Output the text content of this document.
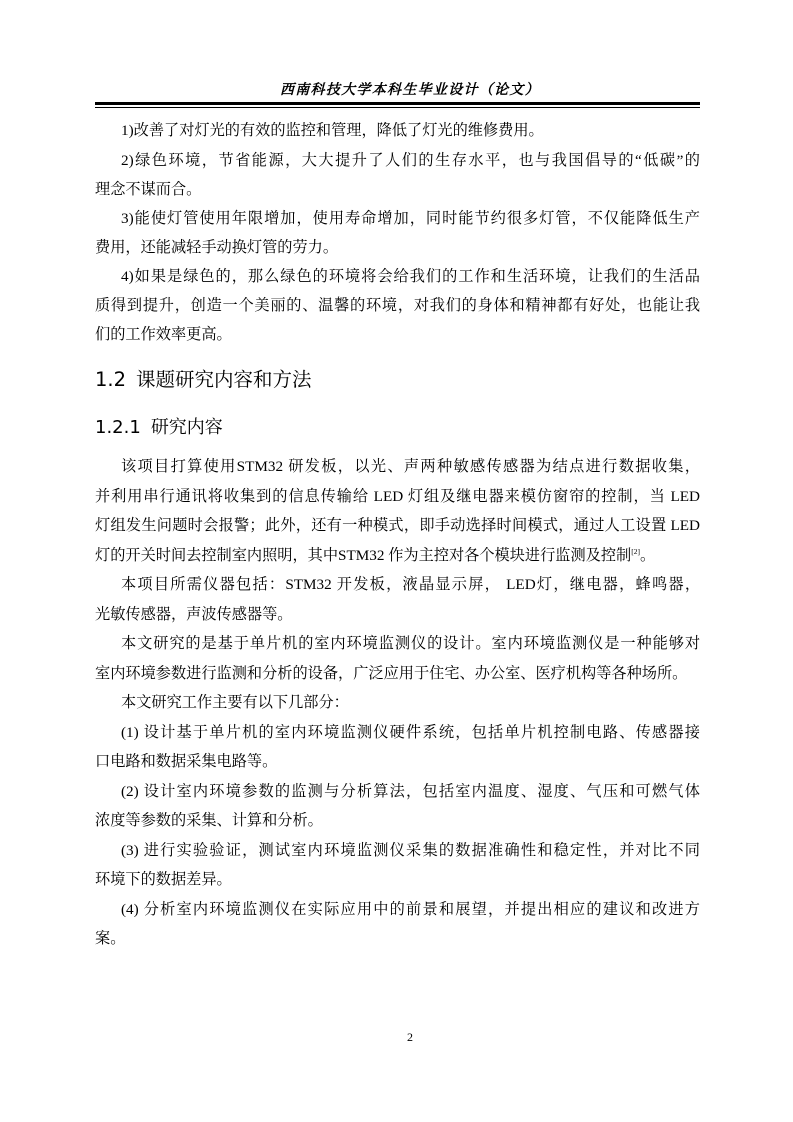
西南科技大学本科生毕业设计（论文）
1)改善了对灯光的有效的监控和管理，降低了灯光的维修费用。
2)绿色环境，节省能源，大大提升了人们的生存水平，也与我国倡导的“低碳”的
理念不谋而合。
3)能使灯管使用年限增加，使用寿命增加，同时能节约很多灯管，不仅能降低生产
费用，还能减轻手动换灯管的劳力。
4)如果是绿色的，那么绿色的环境将会给我们的工作和生活环境，让我们的生活品
质得到提升，创造一个美丽的、温馨的环境，对我们的身体和精神都有好处，也能让我
们的工作效率更高。
1.2 课题研究内容和方法
1.2.1 研究内容
该项目打算使用STM32 研发板，以光、声两种敏感传感器为结点进行数据收集，
并利用串行通讯将收集到的信息传输给 LED 灯组及继电器来模仿窗帘的控制，当 LED
灯组发生问题时会报警；此外，还有一种模式，即手动选择时间模式，通过人工设置 LED
灯的开关时间去控制室内照明，其中STM32 作为主控对各个模块进行监测及控制[2]。
本项目所需仪器包括：STM32 开发板，液晶显示屏， LED灯，继电器，蜂鸣器，
光敏传感器，声波传感器等。
本文研究的是基于单片机的室内环境监测仪的设计。室内环境监测仪是一种能够对
室内环境参数进行监测和分析的设备，广泛应用于住宅、办公室、医疗机构等各种场所。
本文研究工作主要有以下几部分：
(1) 设计基于单片机的室内环境监测仪硬件系统，包括单片机控制电路、传感器接
口电路和数据采集电路等。
(2) 设计室内环境参数的监测与分析算法，包括室内温度、湿度、气压和可燃气体
浓度等参数的采集、计算和分析。
(3) 进行实验验证，测试室内环境监测仪采集的数据准确性和稳定性，并对比不同
环境下的数据差异。
(4) 分析室内环境监测仪在实际应用中的前景和展望，并提出相应的建议和改进方
案。
2
